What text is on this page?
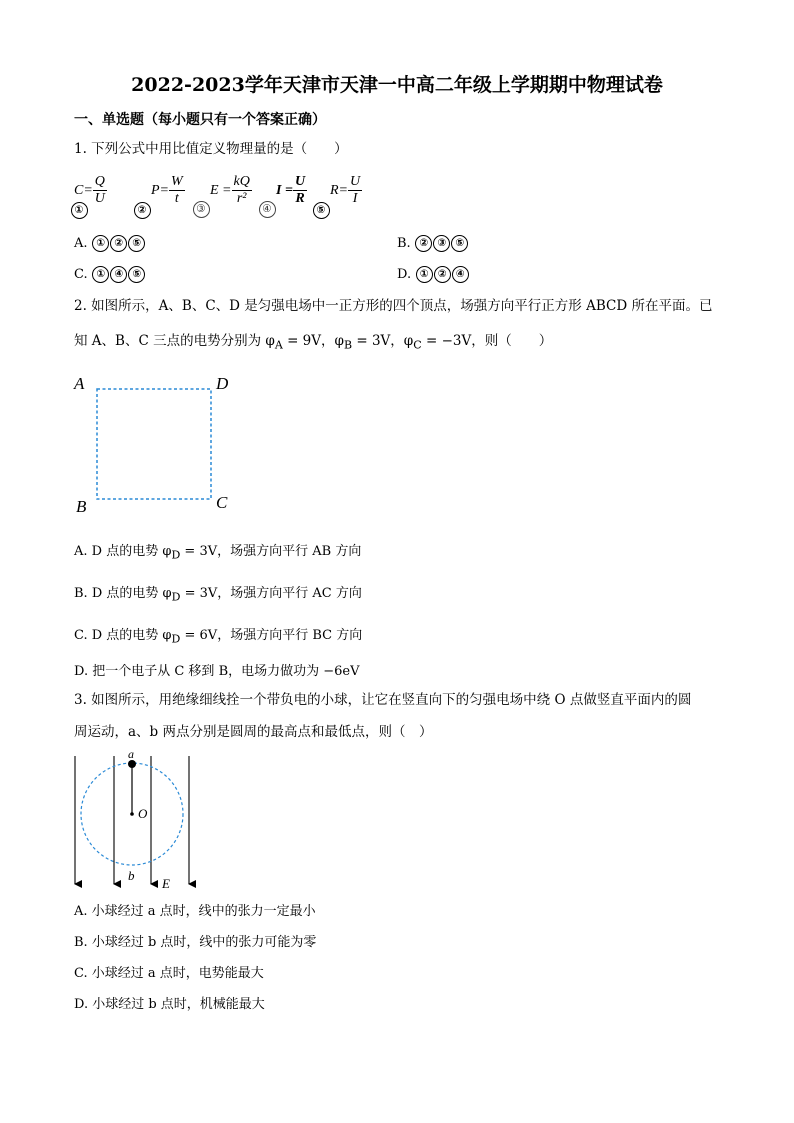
2022-2023学年天津市天津一中高二年级上学期期中物理试卷
一、单选题（每小题只有一个答案正确）
1. 下列公式中用比值定义物理量的是（　　）
$C= \frac{Q}{U}$
①	②
$P= \frac{W}{t}$
③
$E = \frac{kQ}{\text{r²}}$
④
$I = \frac{U}{R}$
⑤
$R= \frac{U}{I}$
A. ① ② ⑤	B. ② ③ ⑤
C. ① ④ ⑤	D. ① ② ④
2. 如图所示，A、B、C、D 是匀强电场中一正方形的四个顶点，场强方向平行正方形 ABCD 所在平面。已
知 A、B、C 三点的电势分别为 $\varphi_A = 9V$，$\varphi_B = 3V$，$\varphi_C = -3V$，则（　　）
A	D
B	C
A. D 点的电势 $\varphi_D = 3V$，场强方向平行 AB 方向
B. D 点的电势 $\varphi_D = 3V$，场强方向平行 AC 方向
C. D 点的电势 $\varphi_D = 6V$，场强方向平行 BC 方向
D. 把一个电子从 C 移到 B，电场力做功为 −6eV
3. 如图所示，用绝缘细线拴一个带负电的小球，让它在竖直向下的匀强电场中绕 O 点做竖直平面内的圆
周运动，a、b 两点分别是圆周的最高点和最低点，则（　）
a
O
b
E
A. 小球经过 a 点时，线中的张力一定最小
B. 小球经过 b 点时，线中的张力可能为零
C. 小球经过 a 点时，电势能最大
D. 小球经过 b 点时，机械能最大
